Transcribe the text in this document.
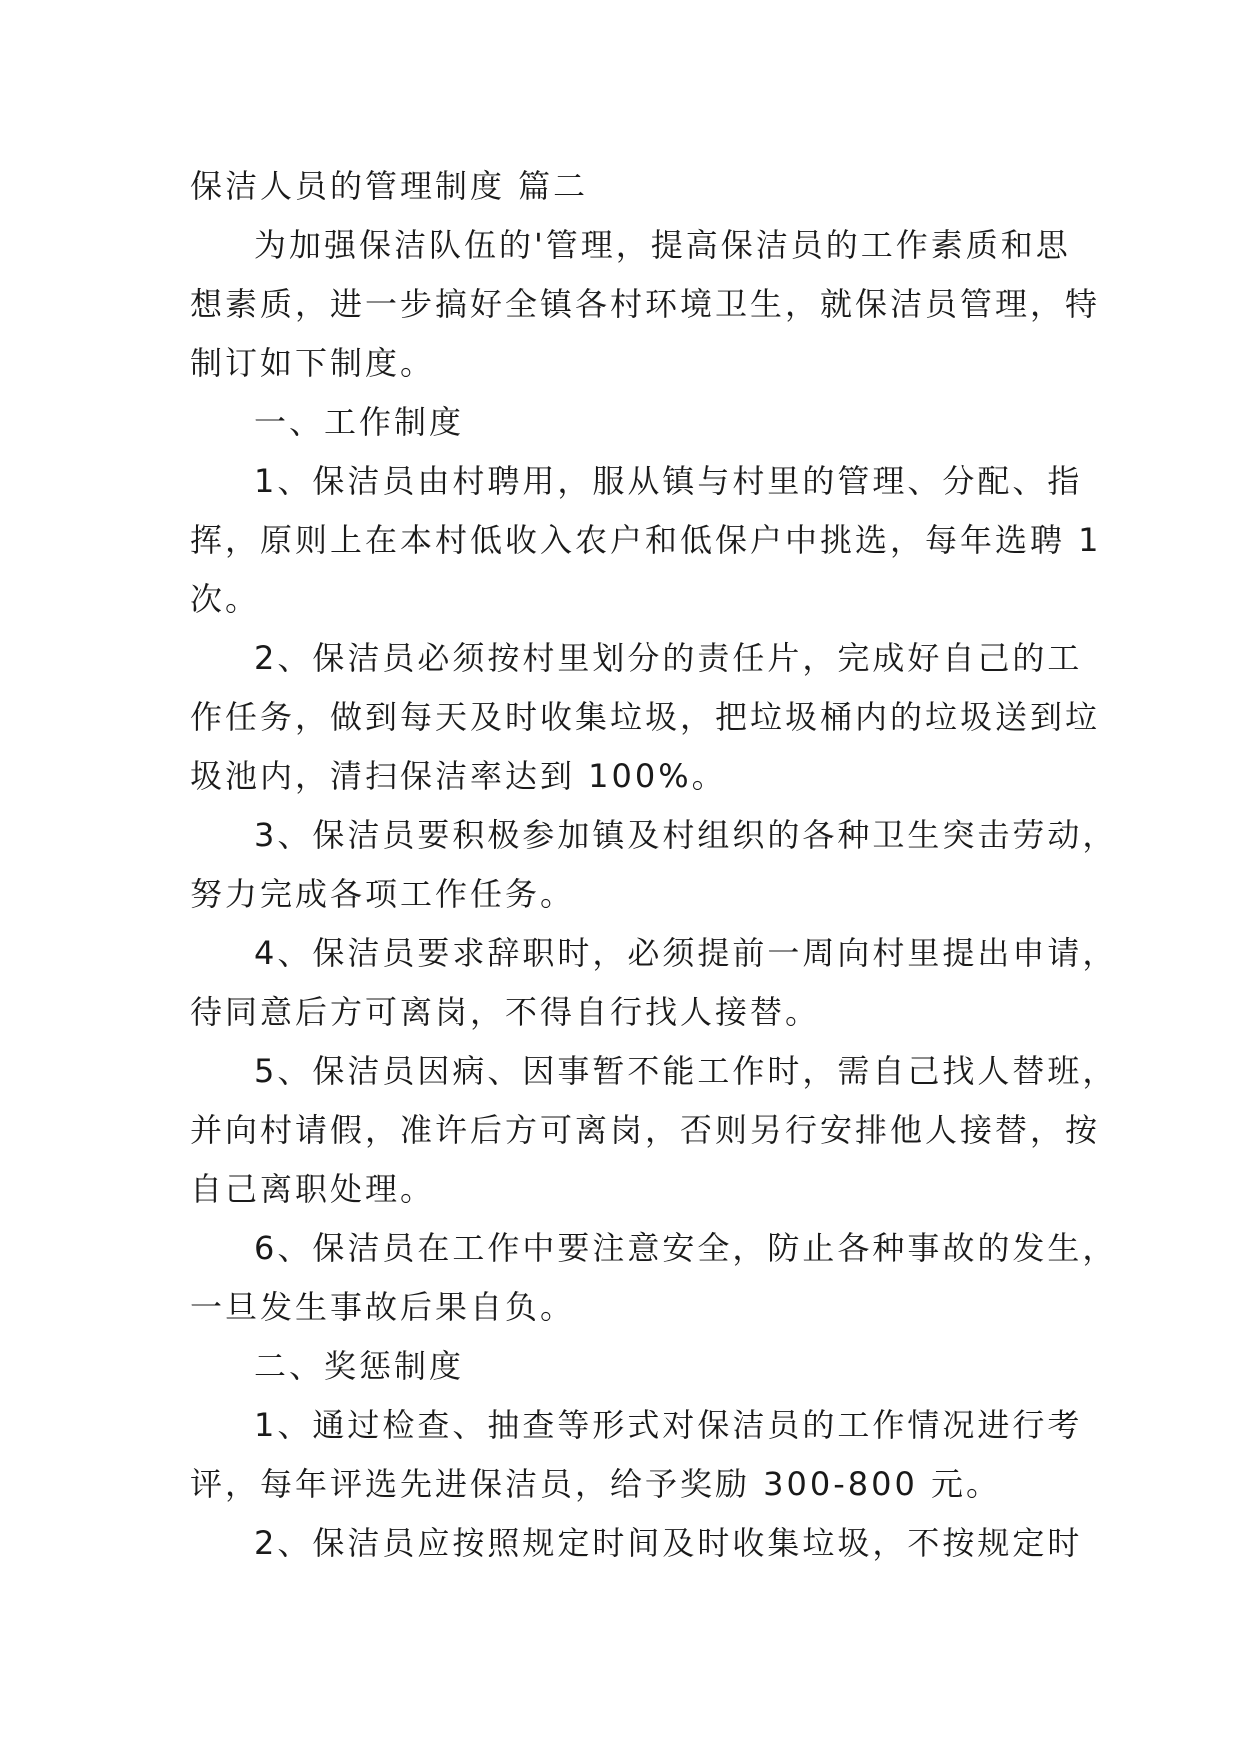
保洁人员的管理制度 篇二
为加强保洁队伍的'管理，提高保洁员的工作素质和思
想素质，进一步搞好全镇各村环境卫生，就保洁员管理，特
制订如下制度。
一、工作制度
1、保洁员由村聘用，服从镇与村里的管理、分配、指
挥，原则上在本村低收入农户和低保户中挑选，每年选聘 1
次。
2、保洁员必须按村里划分的责任片，完成好自己的工
作任务，做到每天及时收集垃圾，把垃圾桶内的垃圾送到垃
圾池内，清扫保洁率达到 100%。
3、保洁员要积极参加镇及村组织的各种卫生突击劳动，
努力完成各项工作任务。
4、保洁员要求辞职时，必须提前一周向村里提出申请，
待同意后方可离岗，不得自行找人接替。
5、保洁员因病、因事暂不能工作时，需自己找人替班，
并向村请假，准许后方可离岗，否则另行安排他人接替，按
自己离职处理。
6、保洁员在工作中要注意安全，防止各种事故的发生，
一旦发生事故后果自负。
二、奖惩制度
1、通过检查、抽查等形式对保洁员的工作情况进行考
评，每年评选先进保洁员，给予奖励 300-800 元。
2、保洁员应按照规定时间及时收集垃圾，不按规定时
